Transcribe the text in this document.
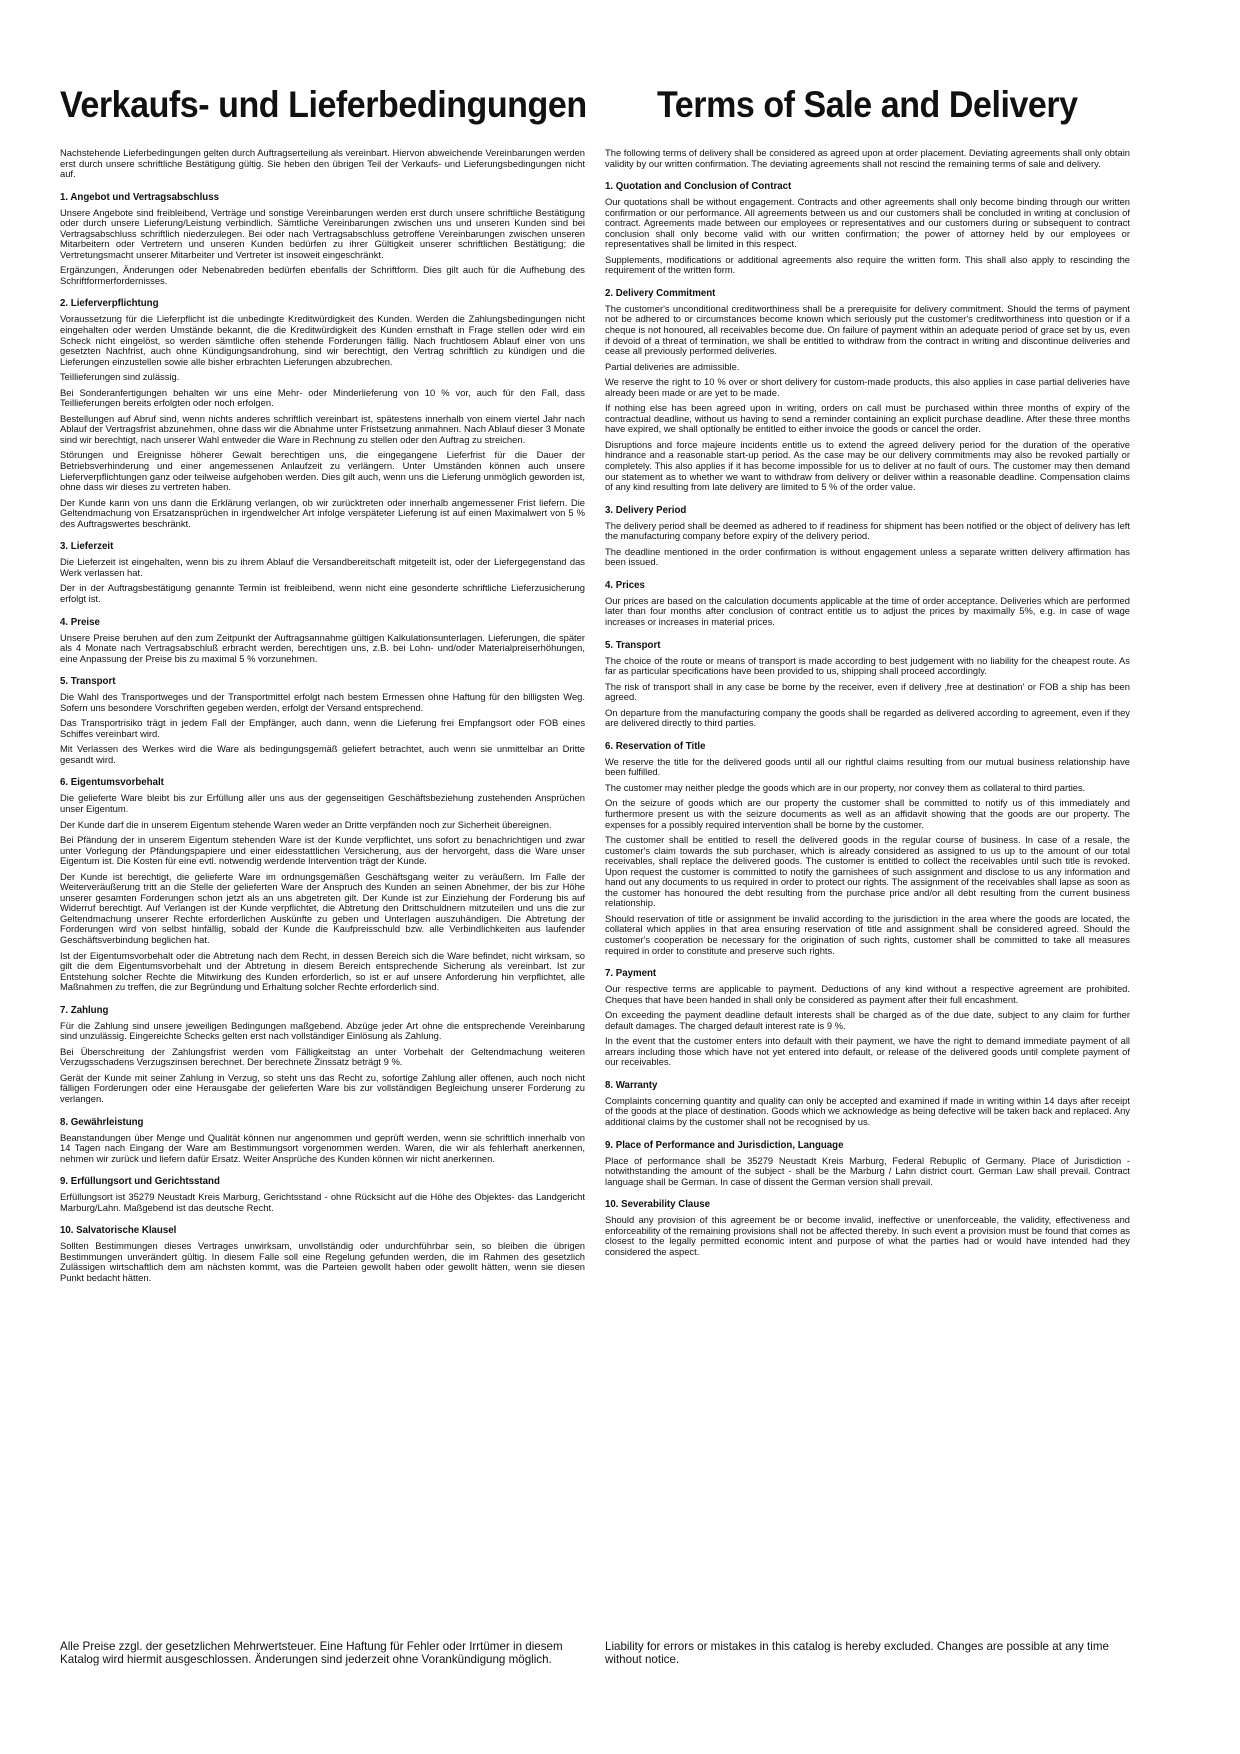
Verkaufs- und Lieferbedingungen Terms of Sale and Delivery

Nachstehende Lieferbedingungen gelten durch Auftragserteilung als vereinbart. Hiervon abweichende Vereinbarungen werden erst durch unsere schriftliche Bestätigung gültig. Sie heben den übrigen Teil der Verkaufs- und Lieferungsbedingungen nicht auf.

1. Angebot und Vertragsabschluss

Unsere Angebote sind freibleibend, Verträge und sonstige Vereinbarungen werden erst durch unsere schriftliche Bestätigung oder durch unsere Lieferung/Leistung verbindlich. Sämtliche Vereinbarungen zwischen uns und unseren Kunden sind bei Vertragsabschluss schriftlich niederzulegen. Bei oder nach Vertragsabschluss getroffene Vereinbarungen zwischen unseren Mitarbeitern oder Vertretern und unseren Kunden bedürfen zu ihrer Gültigkeit unserer schriftlichen Bestätigung; die Vertretungsmacht unserer Mitarbeiter und Vertreter ist insoweit eingeschränkt.

Ergänzungen, Änderungen oder Nebenabreden bedürfen ebenfalls der Schriftform. Dies gilt auch für die Aufhebung des Schriftformerfordernisses.

2. Lieferverpflichtung

Voraussetzung für die Lieferpflicht ist die unbedingte Kreditwürdigkeit des Kunden. Werden die Zahlungsbedingungen nicht eingehalten oder werden Umstände bekannt, die die Kreditwürdigkeit des Kunden ernsthaft in Frage stellen oder wird ein Scheck nicht eingelöst, so werden sämtliche offen stehende Forderungen fällig. Nach fruchtlosem Ablauf einer von uns gesetzten Nachfrist, auch ohne Kündigungsandrohung, sind wir berechtigt, den Vertrag schriftlich zu kündigen und die Lieferungen einzustellen sowie alle bisher erbrachten Lieferungen abzubrechen.

Teillieferungen sind zulässig.

Bei Sonderanfertigungen behalten wir uns eine Mehr- oder Minderlieferung von 10 % vor, auch für den Fall, dass Teillieferungen bereits erfolgten oder noch erfolgen.

Bestellungen auf Abruf sind, wenn nichts anderes schriftlich vereinbart ist, spätestens innerhalb von einem viertel Jahr nach Ablauf der Vertragsfrist abzunehmen, ohne dass wir die Abnahme unter Fristsetzung anmahnen. Nach Ablauf dieser 3 Monate sind wir berechtigt, nach unserer Wahl entweder die Ware in Rechnung zu stellen oder den Auftrag zu streichen.

Störungen und Ereignisse höherer Gewalt berechtigen uns, die eingegangene Lieferfrist für die Dauer der Betriebsverhinderung und einer angemessenen Anlaufzeit zu verlängern. Unter Umständen können auch unsere Lieferverpflichtungen ganz oder teilweise aufgehoben werden. Dies gilt auch, wenn uns die Lieferung unmöglich geworden ist, ohne dass wir dieses zu vertreten haben.

Der Kunde kann von uns dann die Erklärung verlangen, ob wir zurücktreten oder innerhalb angemessener Frist liefern. Die Geltendmachung von Ersatzansprüchen in irgendwelcher Art infolge verspäteter Lieferung ist auf einen Maximalwert von 5 % des Auftragswertes beschränkt.

3. Lieferzeit

Die Lieferzeit ist eingehalten, wenn bis zu ihrem Ablauf die Versandbereitschaft mitgeteilt ist, oder der Liefergegenstand das Werk verlassen hat.

Der in der Auftragsbestätigung genannte Termin ist freibleibend, wenn nicht eine gesonderte schriftliche Lieferzusicherung erfolgt ist.

4. Preise

Unsere Preise beruhen auf den zum Zeitpunkt der Auftragsannahme gültigen Kalkulationsunterlagen. Lieferungen, die später als 4 Monate nach Vertragsabschluß erbracht werden, berechtigen uns, z.B. bei Lohn- und/oder Materialpreiserhöhungen, eine Anpassung der Preise bis zu maximal 5 % vorzunehmen.

5. Transport

Die Wahl des Transportweges und der Transportmittel erfolgt nach bestem Ermessen ohne Haftung für den billigsten Weg. Sofern uns besondere Vorschriften gegeben werden, erfolgt der Versand entsprechend.

Das Transportrisiko trägt in jedem Fall der Empfänger, auch dann, wenn die Lieferung frei Empfangsort oder FOB eines Schiffes vereinbart wird.

Mit Verlassen des Werkes wird die Ware als bedingungsgemäß geliefert betrachtet, auch wenn sie unmittelbar an Dritte gesandt wird.

6. Eigentumsvorbehalt

Die gelieferte Ware bleibt bis zur Erfüllung aller uns aus der gegenseitigen Geschäftsbeziehung zustehenden Ansprüchen unser Eigentum.

Der Kunde darf die in unserem Eigentum stehende Waren weder an Dritte verpfänden noch zur Sicherheit übereignen.

Bei Pfändung der in unserem Eigentum stehenden Ware ist der Kunde verpflichtet, uns sofort zu benachrichtigen und zwar unter Vorlegung der Pfändungspapiere und einer eidesstattlichen Versicherung, aus der hervorgeht, dass die Ware unser Eigentum ist. Die Kosten für eine evtl. notwendig werdende Intervention trägt der Kunde.

Der Kunde ist berechtigt, die gelieferte Ware im ordnungsgemäßen Geschäftsgang weiter zu veräußern. Im Falle der Weiterveräußerung tritt an die Stelle der gelieferten Ware der Anspruch des Kunden an seinen Abnehmer, der bis zur Höhe unserer gesamten Forderungen schon jetzt als an uns abgetreten gilt. Der Kunde ist zur Einziehung der Forderung bis auf Widerruf berechtigt. Auf Verlangen ist der Kunde verpflichtet, die Abtretung den Drittschuldnern mitzuteilen und uns die zur Geltendmachung unserer Rechte erforderlichen Auskünfte zu geben und Unterlagen auszuhändigen. Die Abtretung der Forderungen wird von selbst hinfällig, sobald der Kunde die Kaufpreisschuld bzw. alle Verbindlichkeiten aus laufender Geschäftsverbindung beglichen hat.

Ist der Eigentumsvorbehalt oder die Abtretung nach dem Recht, in dessen Bereich sich die Ware befindet, nicht wirksam, so gilt die dem Eigentumsvorbehalt und der Abtretung in diesem Bereich entsprechende Sicherung als vereinbart. Ist zur Entstehung solcher Rechte die Mitwirkung des Kunden erforderlich, so ist er auf unsere Anforderung hin verpflichtet, alle Maßnahmen zu treffen, die zur Begründung und Erhaltung solcher Rechte erforderlich sind.

7. Zahlung

Für die Zahlung sind unsere jeweiligen Bedingungen maßgebend. Abzüge jeder Art ohne die entsprechende Vereinbarung sind unzulässig. Eingereichte Schecks gelten erst nach vollständiger Einlösung als Zahlung.

Bei Überschreitung der Zahlungsfrist werden vom Fälligkeitstag an unter Vorbehalt der Geltendmachung weiteren Verzugsschadens Verzugszinsen berechnet. Der berechnete Zinssatz beträgt 9 %.

Gerät der Kunde mit seiner Zahlung in Verzug, so steht uns das Recht zu, sofortige Zahlung aller offenen, auch noch nicht fälligen Forderungen oder eine Herausgabe der gelieferten Ware bis zur vollständigen Begleichung unserer Forderung zu verlangen.

8. Gewährleistung

Beanstandungen über Menge und Qualität können nur angenommen und geprüft werden, wenn sie schriftlich innerhalb von 14 Tagen nach Eingang der Ware am Bestimmungsort vorgenommen werden. Waren, die wir als fehlerhaft anerkennen, nehmen wir zurück und liefern dafür Ersatz. Weiter Ansprüche des Kunden können wir nicht anerkennen.

9. Erfüllungsort und Gerichtsstand

Erfüllungsort ist 35279 Neustadt Kreis Marburg, Gerichtsstand - ohne Rücksicht auf die Höhe des Objektes- das Landgericht Marburg/Lahn. Maßgebend ist das deutsche Recht.

10. Salvatorische Klausel

Sollten Bestimmungen dieses Vertrages unwirksam, unvollständig oder undurchführbar sein, so bleiben die übrigen Bestimmungen unverändert gültig. In diesem Falle soll eine Regelung gefunden werden, die im Rahmen des gesetzlich Zulässigen wirtschaftlich dem am nächsten kommt, was die Parteien gewollt haben oder gewollt hätten, wenn sie diesen Punkt bedacht hätten.

The following terms of delivery shall be considered as agreed upon at order placement. Deviating agreements shall only obtain validity by our written confirmation. The deviating agreements shall not rescind the remaining terms of sale and delivery.

1. Quotation and Conclusion of Contract

Our quotations shall be without engagement. Contracts and other agreements shall only become binding through our written confirmation or our performance. All agreements between us and our customers shall be concluded in writing at conclusion of contract. Agreements made between our employees or representatives and our customers during or subsequent to contract conclusion shall only become valid with our written confirmation; the power of attorney held by our employees or representatives shall be limited in this respect.

Supplements, modifications or additional agreements also require the written form. This shall also apply to rescinding the requirement of the written form.

2. Delivery Commitment

The customer's unconditional creditworthiness shall be a prerequisite for delivery commitment. Should the terms of payment not be adhered to or circumstances become known which seriously put the customer's creditworthiness into question or if a cheque is not honoured, all receivables become due. On failure of payment within an adequate period of grace set by us, even if devoid of a threat of termination, we shall be entitled to withdraw from the contract in writing and discontinue deliveries and cease all previously performed deliveries.

Partial deliveries are admissible.

We reserve the right to 10 % over or short delivery for custom-made products, this also applies in case partial deliveries have already been made or are yet to be made.

If nothing else has been agreed upon in writing, orders on call must be purchased within three months of expiry of the contractual deadline, without us having to send a reminder containing an explicit purchase deadline. After these three months have expired, we shall optionally be entitled to either invoice the goods or cancel the order.

Disruptions and force majeure incidents entitle us to extend the agreed delivery period for the duration of the operative hindrance and a reasonable start-up period. As the case may be our delivery commitments may also be revoked partially or completely. This also applies if it has become impossible for us to deliver at no fault of ours. The customer may then demand our statement as to whether we want to withdraw from delivery or deliver within a reasonable deadline. Compensation claims of any kind resulting from late delivery are limited to 5 % of the order value.

3. Delivery Period

The delivery period shall be deemed as adhered to if readiness for shipment has been notified or the object of delivery has left the manufacturing company before expiry of the delivery period.

The deadline mentioned in the order confirmation is without engagement unless a separate written delivery affirmation has been issued.

4. Prices

Our prices are based on the calculation documents applicable at the time of order acceptance. Deliveries which are performed later than four months after conclusion of contract entitle us to adjust the prices by maximally 5%, e.g. in case of wage increases or increases in material prices.

5. Transport

The choice of the route or means of transport is made according to best judgement with no liability for the cheapest route. As far as particular specifications have been provided to us, shipping shall proceed accordingly.

The risk of transport shall in any case be borne by the receiver, even if delivery ‚free at destination' or FOB a ship has been agreed.

On departure from the manufacturing company the goods shall be regarded as delivered according to agreement, even if they are delivered directly to third parties.

6. Reservation of Title

We reserve the title for the delivered goods until all our rightful claims resulting from our mutual business relationship have been fulfilled.

The customer may neither pledge the goods which are in our property, nor convey them as collateral to third parties.

On the seizure of goods which are our property the customer shall be committed to notify us of this immediately and furthermore present us with the seizure documents as well as an affidavit showing that the goods are our property. The expenses for a possibly required intervention shall be borne by the customer.

The customer shall be entitled to resell the delivered goods in the regular course of business. In case of a resale, the customer's claim towards the sub purchaser, which is already considered as assigned to us up to the amount of our total receivables, shall replace the delivered goods. The customer is entitled to collect the receivables until such title is revoked. Upon request the customer is committed to notify the garnishees of such assignment and disclose to us any information and hand out any documents to us required in order to protect our rights. The assignment of the receivables shall lapse as soon as the customer has honoured the debt resulting from the purchase price and/or all debt resulting from the current business relationship.

Should reservation of title or assignment be invalid according to the jurisdiction in the area where the goods are located, the collateral which applies in that area ensuring reservation of title and assignment shall be considered agreed. Should the customer's cooperation be necessary for the origination of such rights, customer shall be committed to take all measures required in order to constitute and preserve such rights.

7. Payment

Our respective terms are applicable to payment. Deductions of any kind without a respective agreement are prohibited. Cheques that have been handed in shall only be considered as payment after their full encashment.

On exceeding the payment deadline default interests shall be charged as of the due date, subject to any claim for further default damages. The charged default interest rate is 9 %.

In the event that the customer enters into default with their payment, we have the right to demand immediate payment of all arrears including those which have not yet entered into default, or release of the delivered goods until complete payment of our receivables.

8. Warranty

Complaints concerning quantity and quality can only be accepted and examined if made in writing within 14 days after receipt of the goods at the place of destination. Goods which we acknowledge as being defective will be taken back and replaced. Any additional claims by the customer shall not be recognised by us.

9. Place of Performance and Jurisdiction, Language

Place of performance shall be 35279 Neustadt Kreis Marburg, Federal Rebuplic of Germany. Place of Jurisdiction - notwithstanding the amount of the subject - shall be the Marburg / Lahn district court. German Law shall prevail. Contract language shall be German. In case of dissent the German version shall prevail.

10. Severability Clause

Should any provision of this agreement be or become invalid, ineffective or unenforceable, the validity, effectiveness and enforceability of the remaining provisions shall not be affected thereby. In such event a provision must be found that comes as closest to the legally permitted economic intent and purpose of what the parties had or would have intended had they considered the aspect.

Alle Preise zzgl. der gesetzlichen Mehrwertsteuer. Eine Haftung für Fehler oder Irrtümer in diesem Katalog wird hiermit ausgeschlossen. Änderungen sind jederzeit ohne Vorankündigung möglich.
Liability for errors or mistakes in this catalog is hereby excluded. Changes are possible at any time without notice.
